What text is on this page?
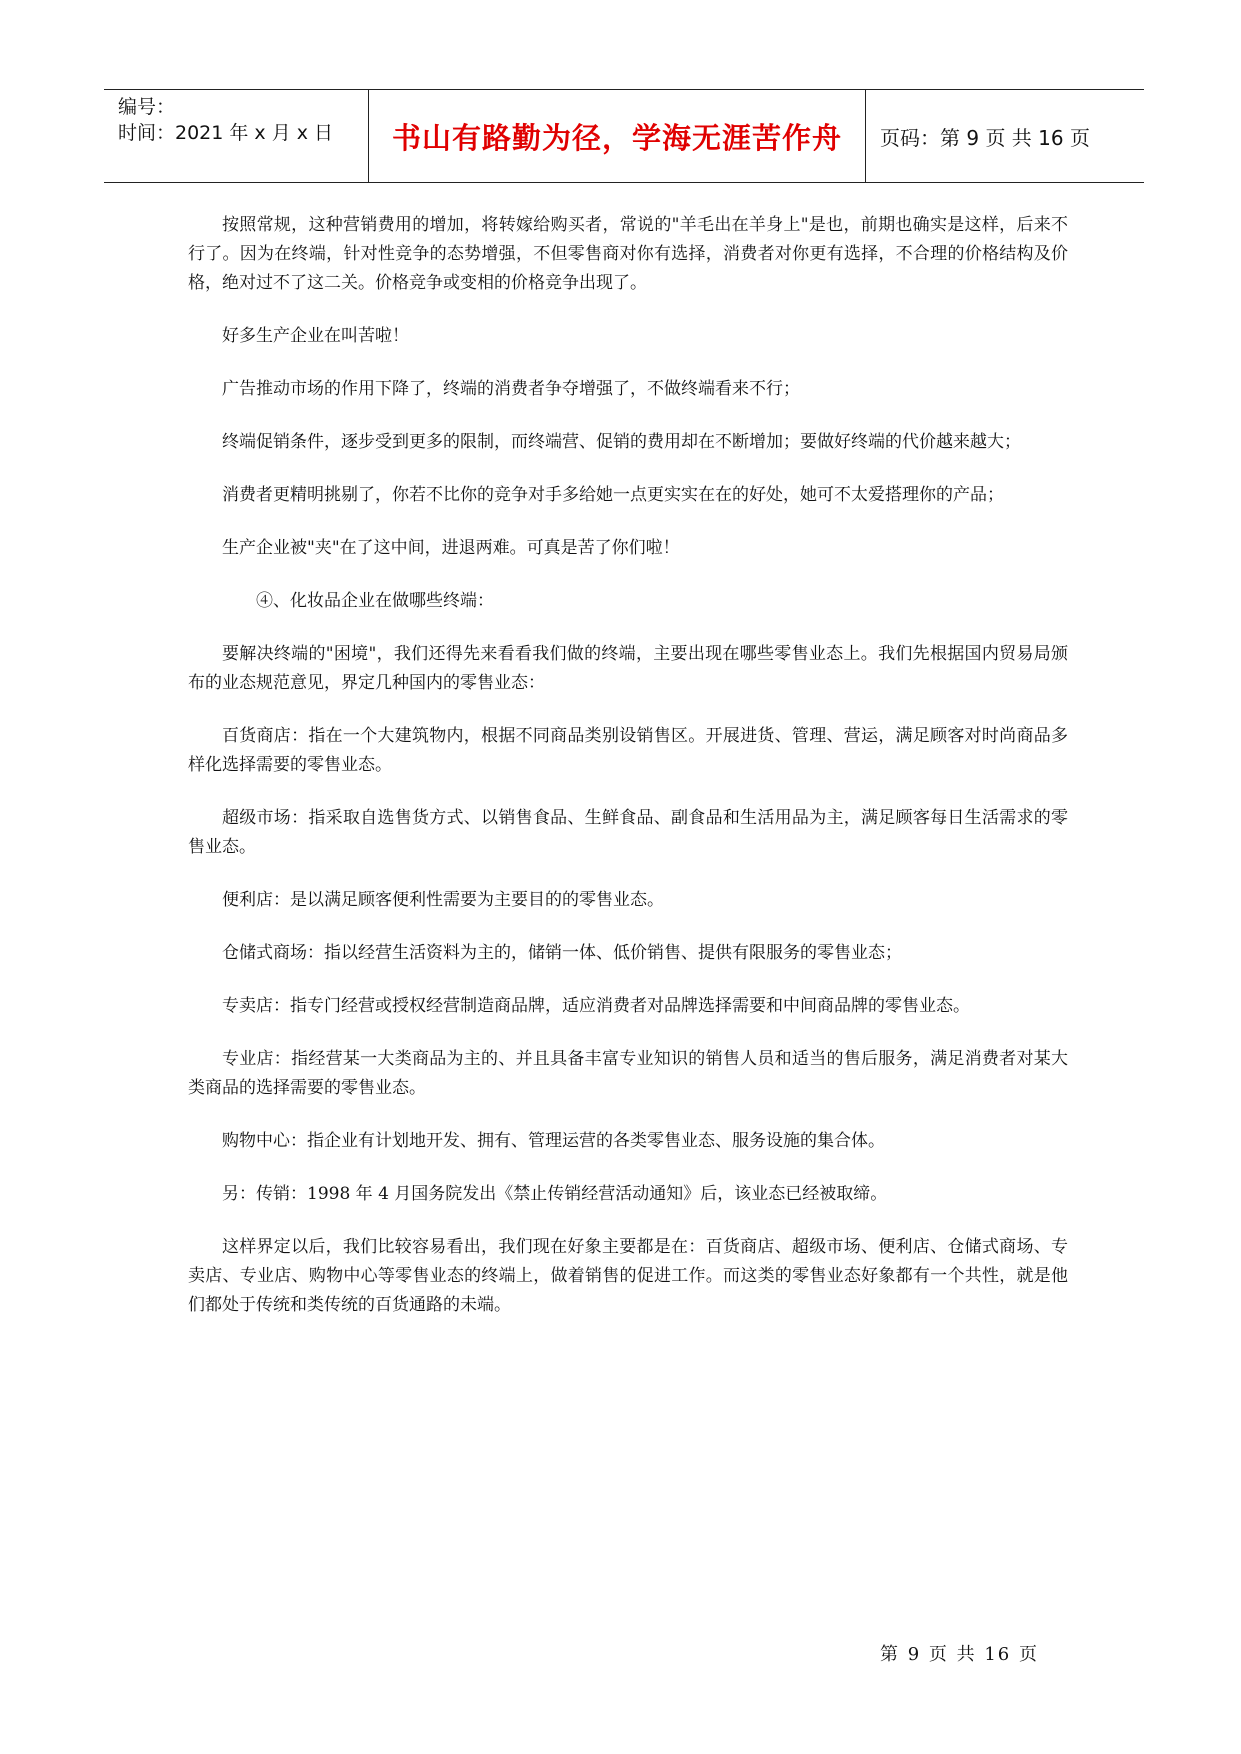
编号：
时间：2021 年 x 月 x 日	书山有路勤为径，学海无涯苦作舟 页码：第 9 页 共 16 页

按照常规，这种营销费用的增加，将转嫁给购买者，常说的"羊毛出在羊身上"是也，前期也确实是这样，后来不行了。因为在终端，针对性竞争的态势增强，不但零售商对你有选择，消费者对你更有选择，不合理的价格结构及价格，绝对过不了这二关。价格竞争或变相的价格竞争出现了。

好多生产企业在叫苦啦！

广告推动市场的作用下降了，终端的消费者争夺增强了，不做终端看来不行；

终端促销条件，逐步受到更多的限制，而终端营、促销的费用却在不断增加；要做好终端的代价越来越大；

消费者更精明挑剔了，你若不比你的竞争对手多给她一点更实实在在的好处，她可不太爱搭理你的产品；

生产企业被"夹"在了这中间，进退两难。可真是苦了你们啦！

④、化妆品企业在做哪些终端：

要解决终端的"困境"，我们还得先来看看我们做的终端，主要出现在哪些零售业态上。我们先根据国内贸易局颁布的业态规范意见，界定几种国内的零售业态：

百货商店：指在一个大建筑物内，根据不同商品类别设销售区。开展进货、管理、营运，满足顾客对时尚商品多样化选择需要的零售业态。

超级市场：指采取自选售货方式、以销售食品、生鲜食品、副食品和生活用品为主，满足顾客每日生活需求的零售业态。

便利店：是以满足顾客便利性需要为主要目的的零售业态。

仓储式商场：指以经营生活资料为主的，储销一体、低价销售、提供有限服务的零售业态；

专卖店：指专门经营或授权经营制造商品牌，适应消费者对品牌选择需要和中间商品牌的零售业态。

专业店：指经营某一大类商品为主的、并且具备丰富专业知识的销售人员和适当的售后服务，满足消费者对某大类商品的选择需要的零售业态。

购物中心：指企业有计划地开发、拥有、管理运营的各类零售业态、服务设施的集合体。

另：传销：1998 年 4 月国务院发出《禁止传销经营活动通知》后，该业态已经被取缔。

这样界定以后，我们比较容易看出，我们现在好象主要都是在：百货商店、超级市场、便利店、仓储式商场、专卖店、专业店、购物中心等零售业态的终端上，做着销售的促进工作。而这类的零售业态好象都有一个共性，就是他们都处于传统和类传统的百货通路的未端。

第 9 页 共 16 页
